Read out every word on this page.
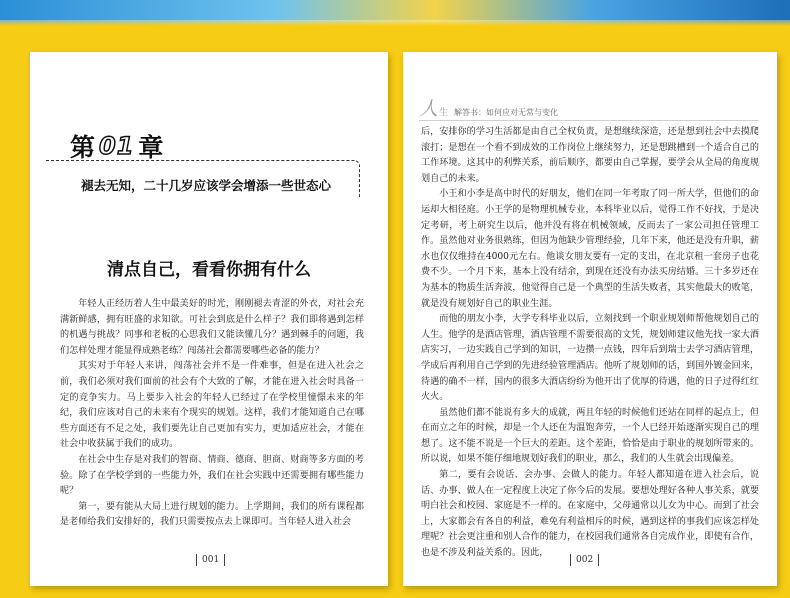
第 01 章
褪去无知，二十几岁应该学会增添一些世态心
清点自己，看看你拥有什么

年轻人正经历着人生中最美好的时光，刚刚褪去青涩的外衣，对社会充满新鲜感，拥有旺盛的求知欲。可社会到底是什么样子？我们即将遇到怎样的机遇与挑战？同事和老板的心思我们又能读懂几分？遇到棘手的问题，我们怎样处理才能显得成熟老练？闯荡社会都需要哪些必备的能力？

其实对于年轻人来讲，闯荡社会并不是一件难事，但是在进入社会之前，我们必须对我们面前的社会有个大致的了解，才能在进入社会时具备一定的竞争实力。马上要步入社会的年轻人已经过了在学校里憧憬未来的年纪，我们应该对自己的未来有个现实的规划。这样，我们才能知道自己在哪些方面还有不足之处，我们要先让自己更加有实力，更加适应社会，才能在社会中收获属于我们的成功。

在社会中生存是对我们的智商、情商、德商、胆商、财商等多方面的考验。除了在学校学到的一些能力外，我们在社会实践中还需要拥有哪些能力呢？

第一，要有能从大局上进行规划的能力。上学期间，我们的所有课程都是老师给我们安排好的，我们只需要按点去上课即可。当年轻人进入社会

001
人 生 解答书：如何应对无常与变化

后，安排你的学习生活都是由自己全权负责，是想继续深造，还是想到社会中去摸爬滚打；是想在一个看不到成效的工作岗位上继续努力，还是想跳槽到一个适合自己的工作环境。这其中的利弊关系，前后顺序，都要由自己掌握，要学会从全局的角度规划自己的未来。

小王和小李是高中时代的好朋友，他们在同一年考取了同一所大学，但他们的命运却大相径庭。小王学的是物理机械专业，本科毕业以后，觉得工作不好找，于是决定考研，考上研究生以后，他并没有将在机械领域，反而去了一家公司担任管理工作。虽然他对业务很熟练，但因为他缺少管理经验，几年下来，他还是没有升职，薪水也仅仅维持在4000元左右。他谈女朋友要有一定的支出，在北京租一套房子也花费不少。一个月下来，基本上没有结余，到现在还没有办法买房结婚。三十多岁还在为基本的物质生活奔波，他觉得自己是一个典型的生活失败者，其实他最大的败笔，就是没有规划好自己的职业生涯。

而他的朋友小李，大学专科毕业以后，立刻找到一个职业规划师帮他规划自己的人生。他学的是酒店管理，酒店管理不需要很高的文凭，规划师建议他先找一家大酒店实习，一边实践自己学到的知识，一边攒一点钱，四年后到瑞士去学习酒店管理，学成后再利用自己学到的先进经验管理酒店。他听了规划师的话，到国外镀金回来，待遇的确不一样，国内的很多大酒店纷纷为他开出了优厚的待遇，他的日子过得红红火火。

虽然他们都不能说有多大的成就，两且年轻的时候他们还站在同样的起点上，但在而立之年的时候，却是一个人还在为温饱奔劳，一个人已经开始逐渐实现自己的理想了。这不能不说是一个巨大的差距。这个差距，恰恰是由于职业的规划所带来的。所以说，如果不能仔细地规划好我们的职业，那么，我们的人生就会出现偏差。

第二，要有会说话、会办事、会做人的能力。年轻人都知道在进入社会后，说话、办事、做人在一定程度上决定了你今后的发展。要想处理好各种人事关系，就要明白社会和校园、家庭是不一样的。在家庭中，父母通常以儿女为中心。而到了社会上，大家都会有各自的利益，难免有利益相斥的时候，遇到这样的事我们应该怎样处理呢？社会更注重和别人合作的能力，在校园我们通常各自完成作业，即使有合作，也是不涉及利益关系的。因此，

002
